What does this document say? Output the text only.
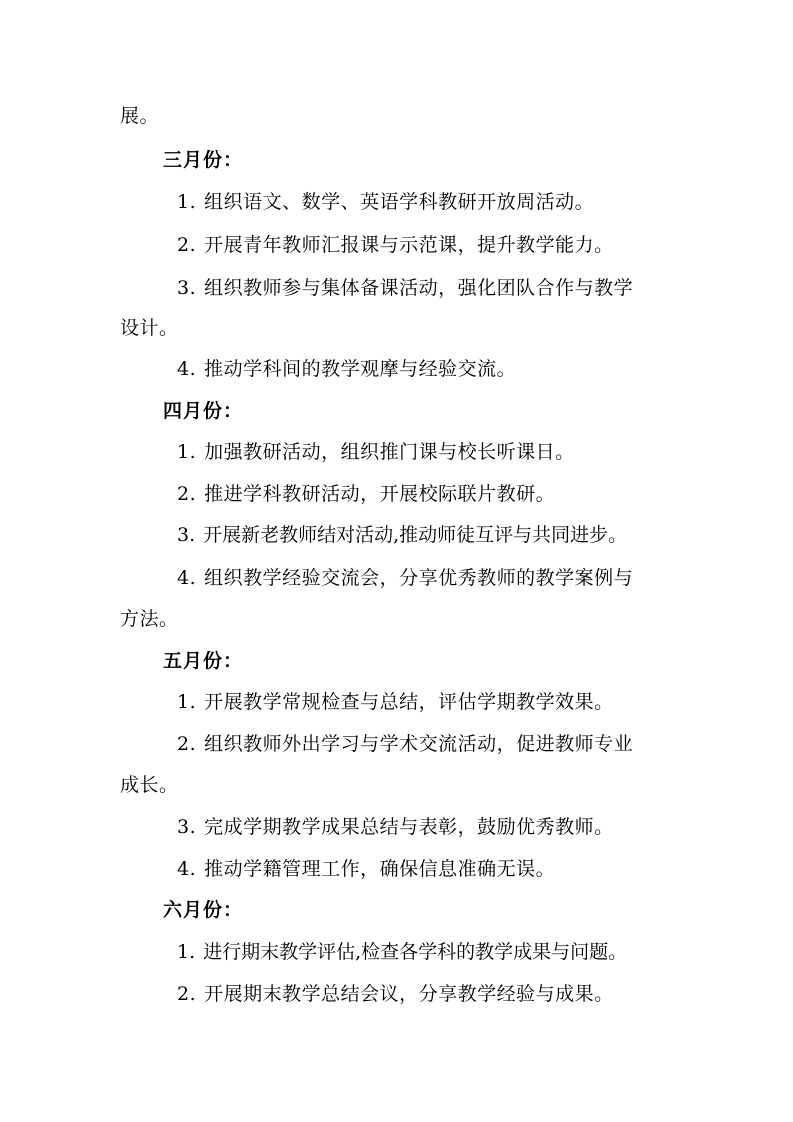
展。
三月份：
1. 组织语文、数学、英语学科教研开放周活动。
2. 开展青年教师汇报课与示范课，提升教学能力。
3. 组织教师参与集体备课活动，强化团队合作与教学
设计。
4. 推动学科间的教学观摩与经验交流。
四月份：
1. 加强教研活动，组织推门课与校长听课日。
2. 推进学科教研活动，开展校际联片教研。
3. 开展新老教师结对活动,推动师徒互评与共同进步。
4. 组织教学经验交流会，分享优秀教师的教学案例与
方法。
五月份：
1. 开展教学常规检查与总结，评估学期教学效果。
2. 组织教师外出学习与学术交流活动，促进教师专业
成长。
3. 完成学期教学成果总结与表彰，鼓励优秀教师。
4. 推动学籍管理工作，确保信息准确无误。
六月份：
1. 进行期末教学评估,检查各学科的教学成果与问题。
2. 开展期末教学总结会议，分享教学经验与成果。
